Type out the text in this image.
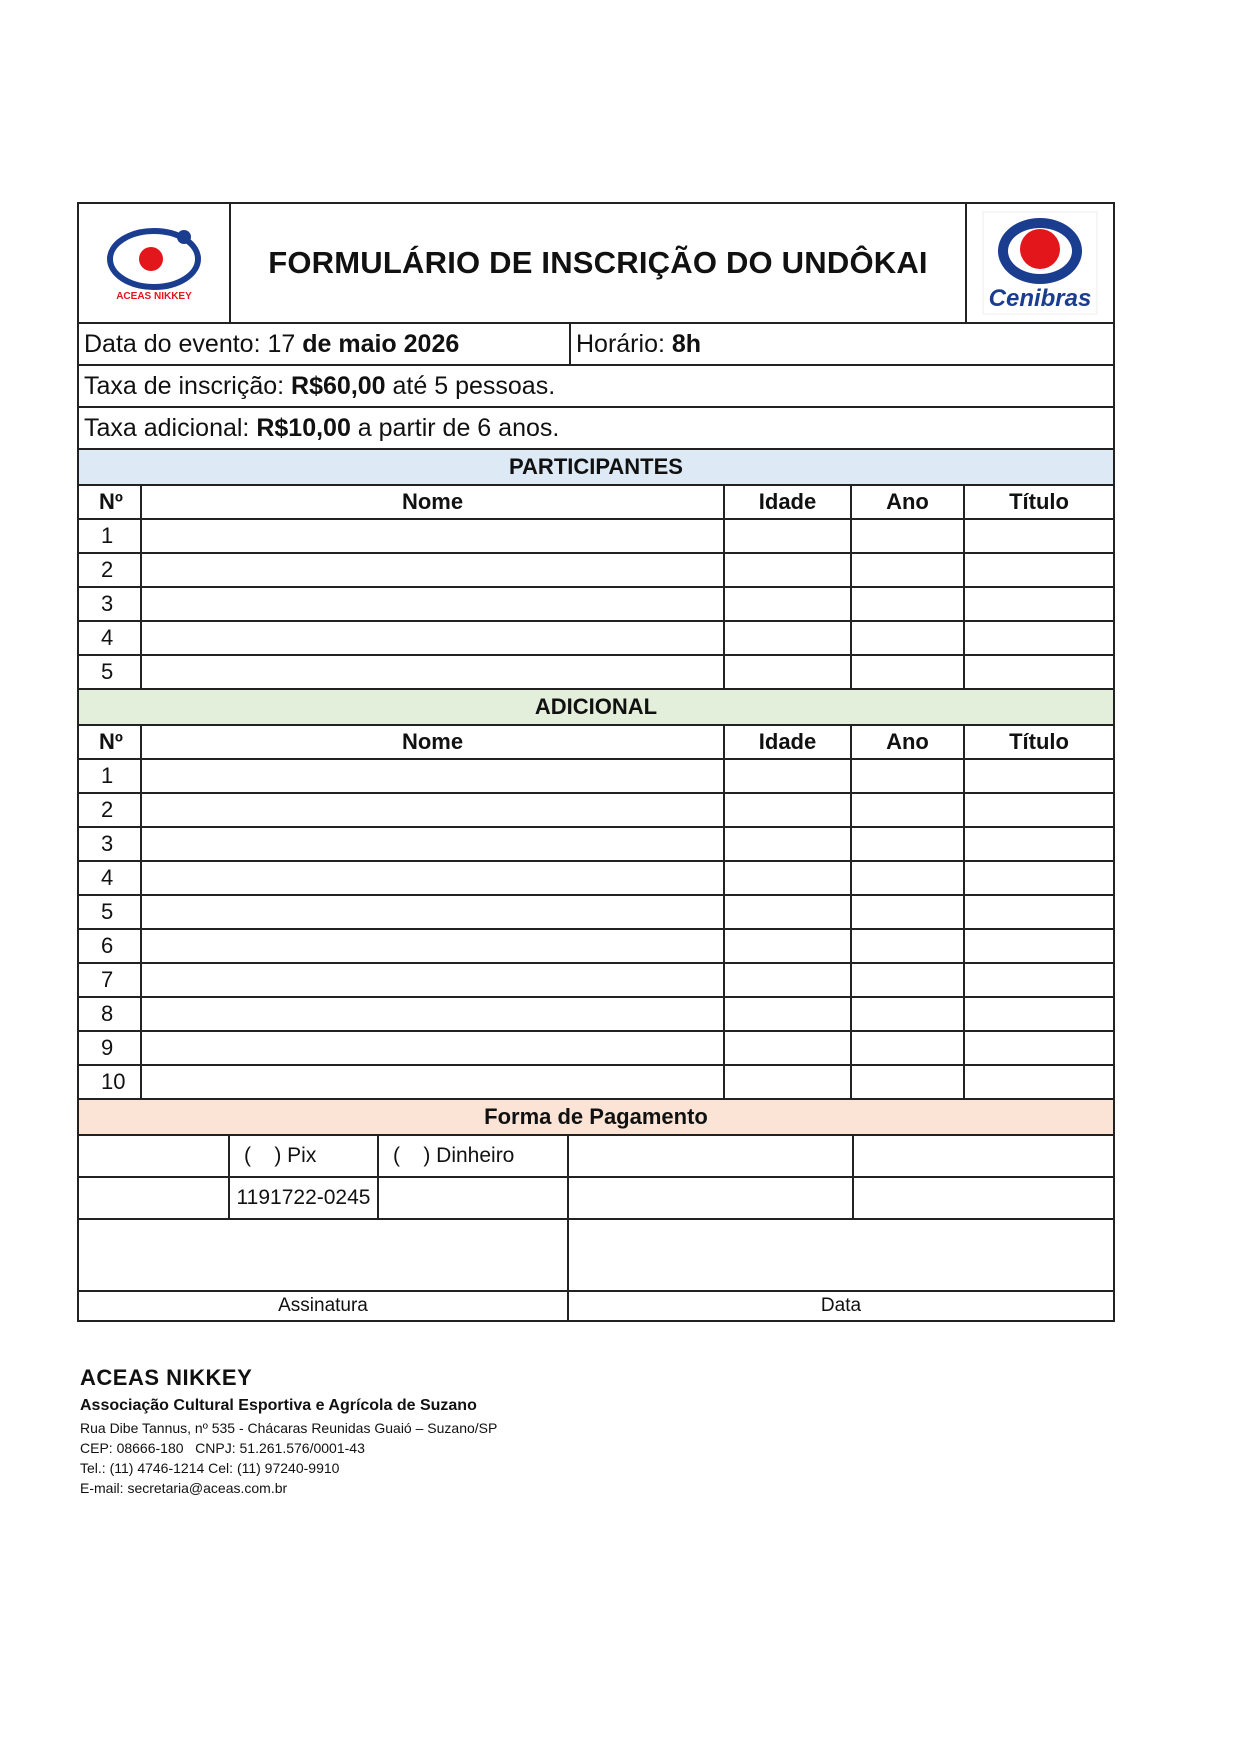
ACEAS NIKKEY
FORMULÁRIO DE INSCRIÇÃO DO UNDÔKAI
Cenibras
Data do evento: 17 de maio 2026	Horário: 8h
Taxa de inscrição: R$60,00 até 5 pessoas.
Taxa adicional: R$10,00 a partir de 6 anos.
PARTICIPANTES
Nº	Nome	Idade	Ano	Título
1
2
3
4
5
ADICIONAL
Nº	Nome	Idade	Ano	Título
1
2
3
4
5
6
7
8
9
10
Forma de Pagamento
(    ) Pix	(    ) Dinheiro
1191722-0245
Assinatura	Data
ACEAS NIKKEY
Associação Cultural Esportiva e Agrícola de Suzano
Rua Dibe Tannus, nº 535 - Chácaras Reunidas Guaió – Suzano/SP
CEP: 08666-180   CNPJ: 51.261.576/0001-43
Tel.: (11) 4746-1214 Cel: (11) 97240-9910
E-mail: secretaria@aceas.com.br
